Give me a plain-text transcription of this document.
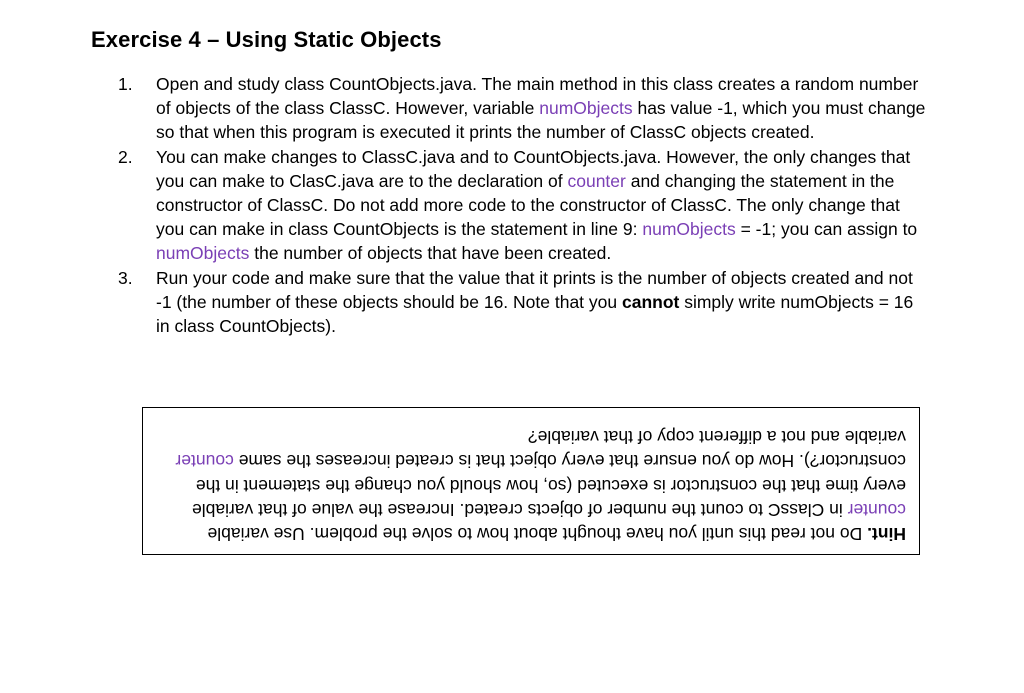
Exercise 4 – Using Static Objects
1. Open and study class CountObjects.java. The main method in this class creates a random number of objects of the class ClassC. However, variable numObjects has value -1, which you must change so that when this program is executed it prints the number of ClassC objects created.
2. You can make changes to ClassC.java and to CountObjects.java. However, the only changes that you can make to ClasC.java are to the declaration of counter and changing the statement in the constructor of ClassC. Do not add more code to the constructor of ClassC. The only change that you can make in class CountObjects is the statement in line 9: numObjects = -1; you can assign to numObjects the number of objects that have been created.
3. Run your code and make sure that the value that it prints is the number of objects created and not -1 (the number of these objects should be 16. Note that you cannot simply write numObjects = 16 in class CountObjects).
Hint. Do not read this until you have thought about how to solve the problem. Use variable counter in ClassC to count the number of objects created. Increase the value of that variable every time that the constructor is executed (so, how should you change the statement in the constructor?). How do you ensure that every object that is created increases the same counter variable and not a different copy of that variable?
